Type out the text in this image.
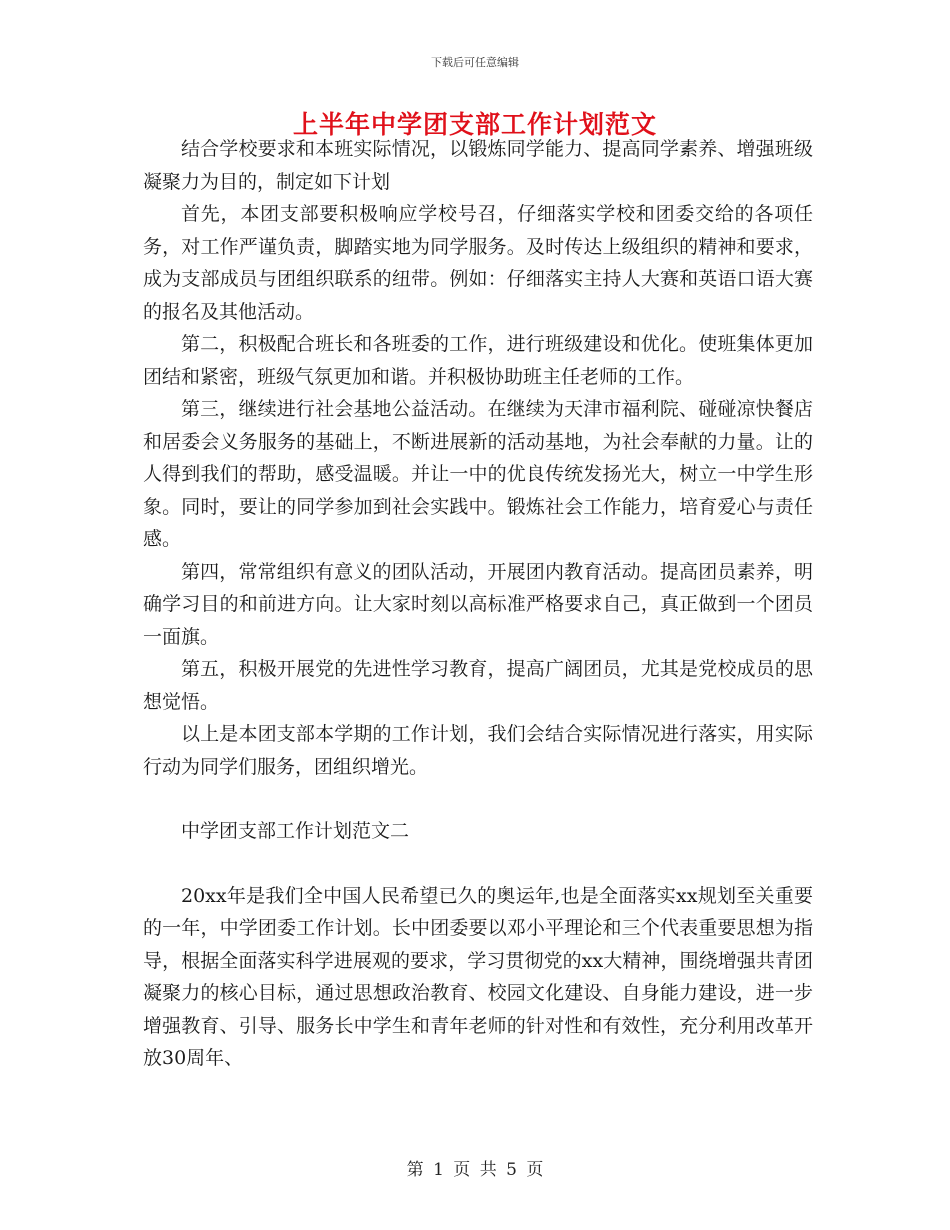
下载后可任意编辑
上半年中学团支部工作计划范文

结合学校要求和本班实际情况，以锻炼同学能力、提高同学素养、增强班级凝聚力为目的，制定如下计划

首先，本团支部要积极响应学校号召，仔细落实学校和团委交给的各项任务，对工作严谨负责，脚踏实地为同学服务。及时传达上级组织的精神和要求，成为支部成员与团组织联系的纽带。例如：仔细落实主持人大赛和英语口语大赛的报名及其他活动。

第二，积极配合班长和各班委的工作，进行班级建设和优化。使班集体更加团结和紧密，班级气氛更加和谐。并积极协助班主任老师的工作。

第三，继续进行社会基地公益活动。在继续为天津市福利院、碰碰凉快餐店和居委会义务服务的基础上，不断进展新的活动基地，为社会奉献的力量。让的人得到我们的帮助，感受温暖。并让一中的优良传统发扬光大，树立一中学生形象。同时，要让的同学参加到社会实践中。锻炼社会工作能力，培育爱心与责任感。

第四，常常组织有意义的团队活动，开展团内教育活动。提高团员素养，明确学习目的和前进方向。让大家时刻以高标准严格要求自己，真正做到一个团员一面旗。

第五，积极开展党的先进性学习教育，提高广阔团员，尤其是党校成员的思想觉悟。

以上是本团支部本学期的工作计划，我们会结合实际情况进行落实，用实际行动为同学们服务，团组织增光。

中学团支部工作计划范文二

20xx年是我们全中国人民希望已久的奥运年,也是全面落实xx规划至关重要的一年，中学团委工作计划。长中团委要以邓小平理论和三个代表重要思想为指导，根据全面落实科学进展观的要求，学习贯彻党的xx大精神，围绕增强共青团凝聚力的核心目标，通过思想政治教育、校园文化建设、自身能力建设，进一步增强教育、引导、服务长中学生和青年老师的针对性和有效性，充分利用改革开放30周年、

第 1 页 共 5 页
